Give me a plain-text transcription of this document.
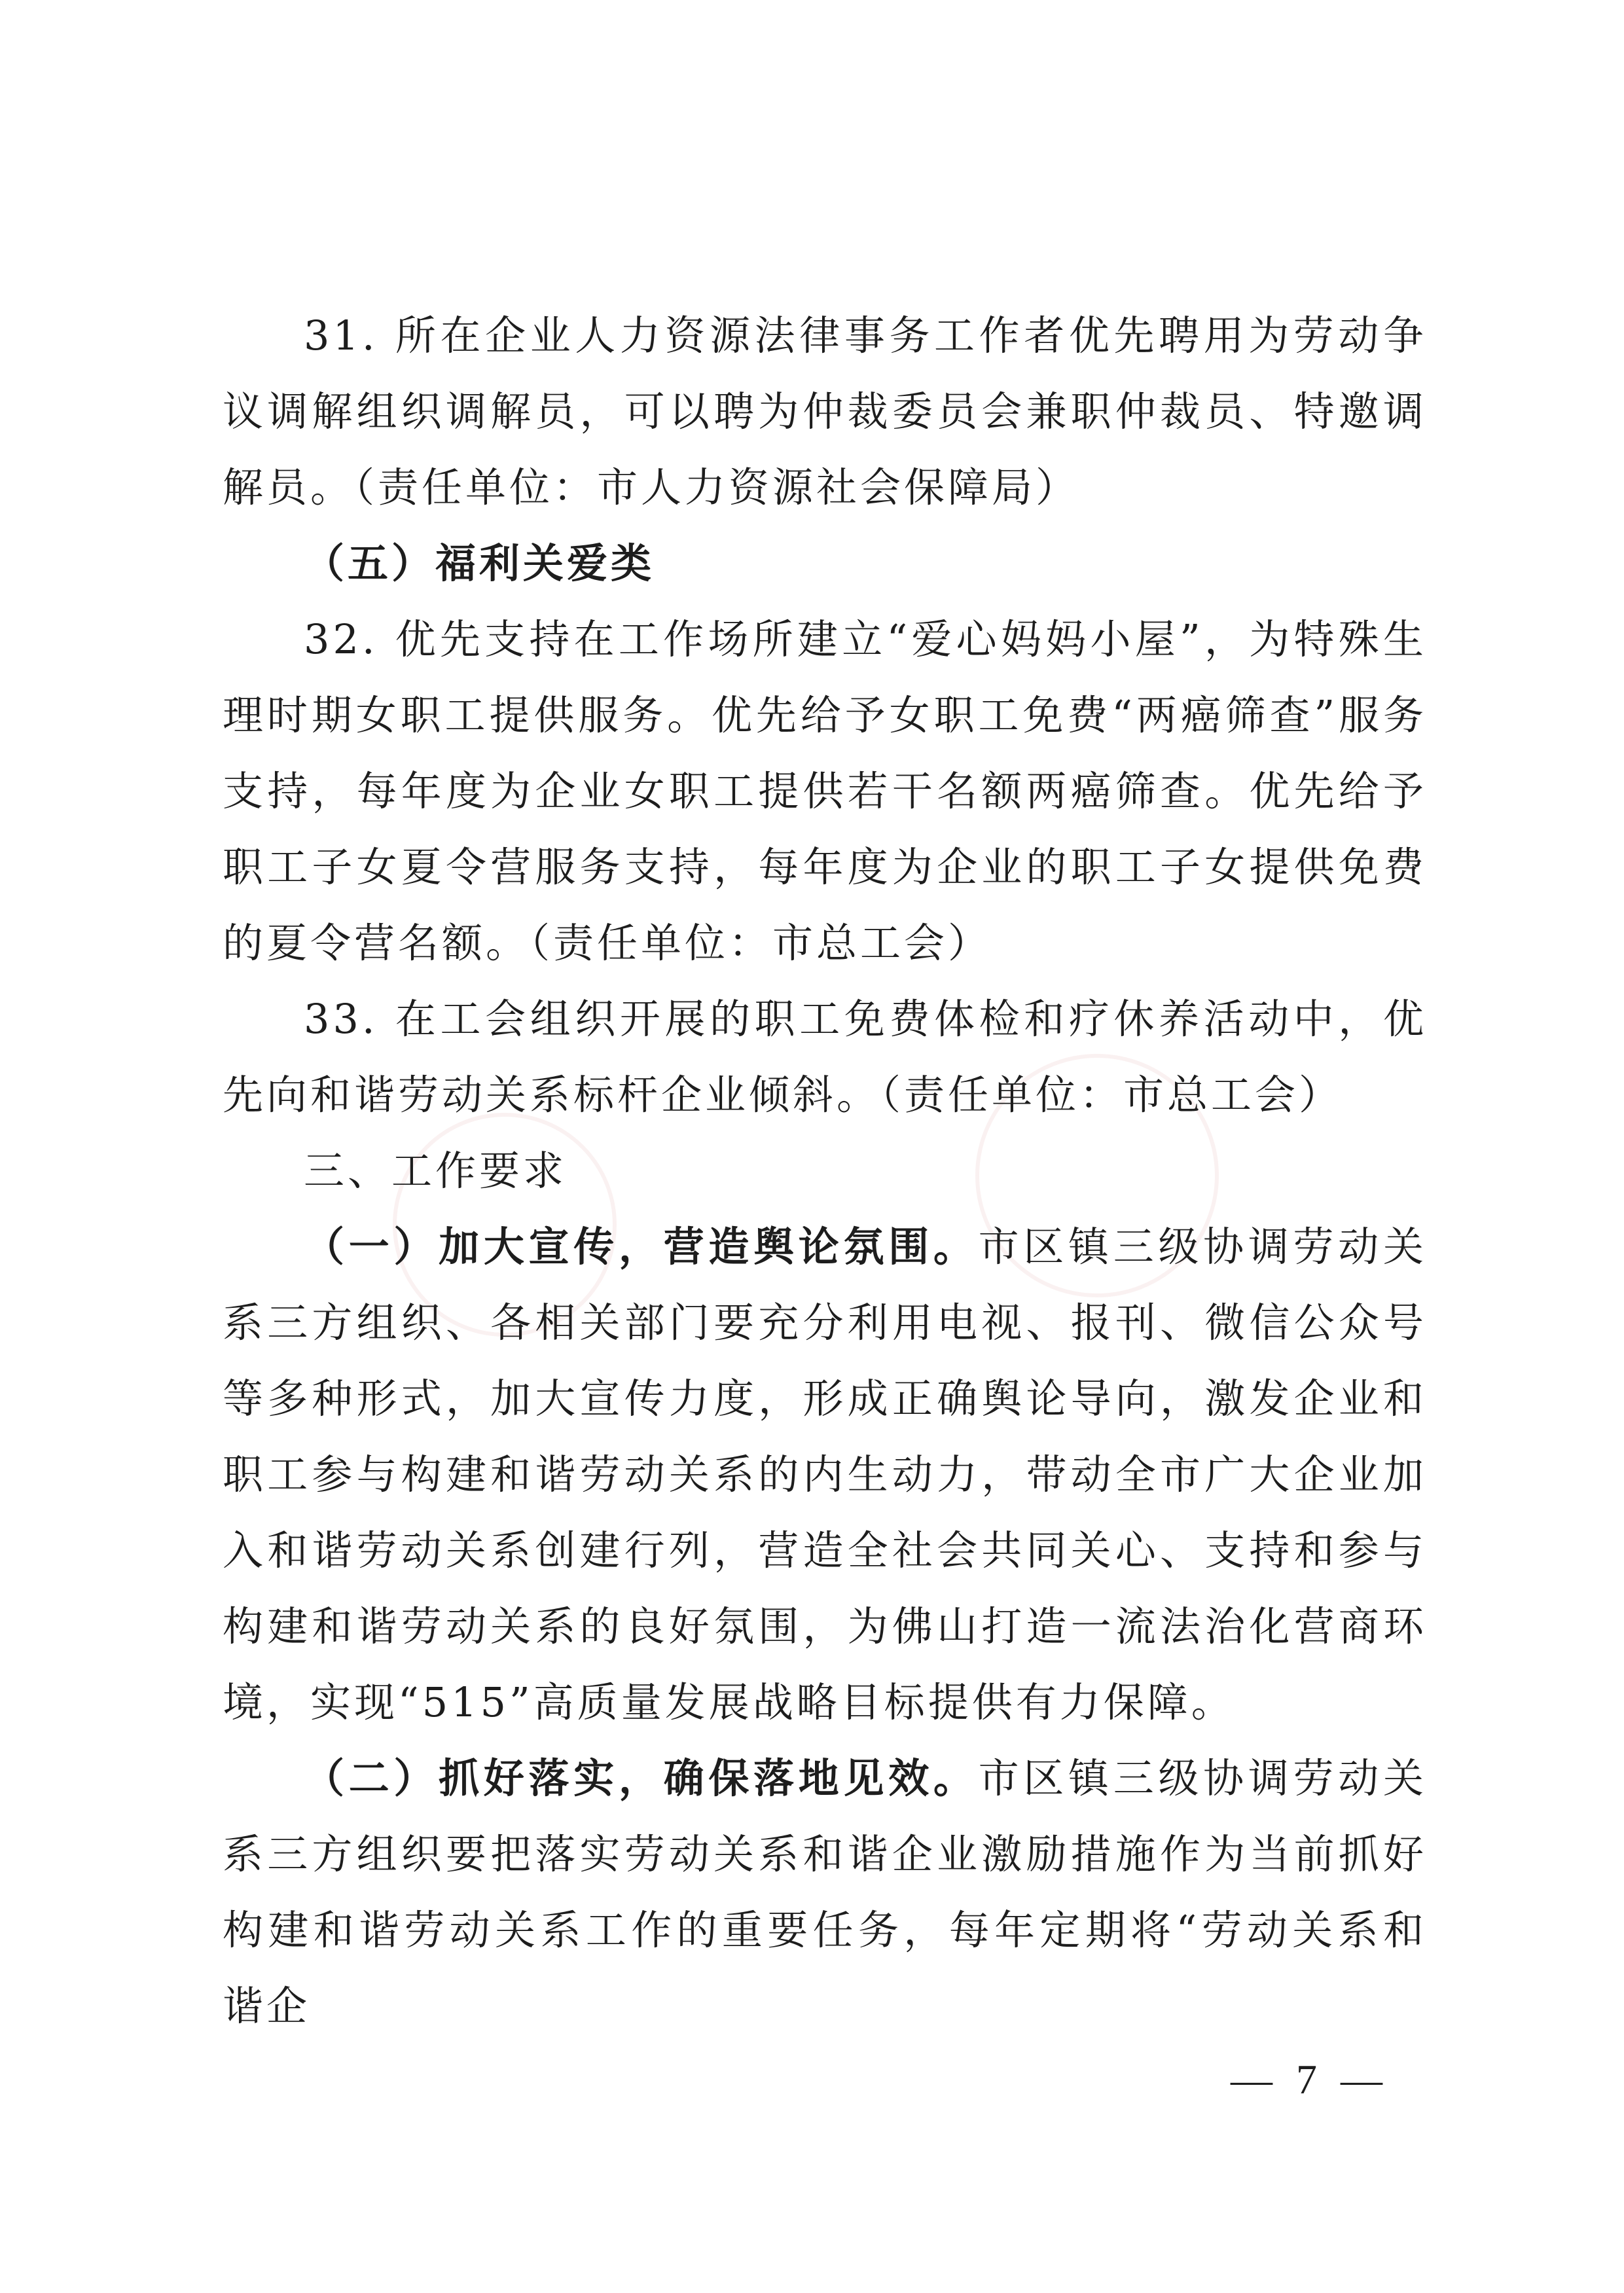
31. 所在企业人力资源法律事务工作者优先聘用为劳动争议调解组织调解员，可以聘为仲裁委员会兼职仲裁员、特邀调解员。（责任单位：市人力资源社会保障局）

（五）福利关爱类

32. 优先支持在工作场所建立“爱心妈妈小屋”，为特殊生理时期女职工提供服务。优先给予女职工免费“两癌筛查”服务支持，每年度为企业女职工提供若干名额两癌筛查。优先给予职工子女夏令营服务支持，每年度为企业的职工子女提供免费的夏令营名额。（责任单位：市总工会）

33. 在工会组织开展的职工免费体检和疗休养活动中，优先向和谐劳动关系标杆企业倾斜。（责任单位：市总工会）

三、工作要求

（一）加大宣传，营造舆论氛围。市区镇三级协调劳动关系三方组织、各相关部门要充分利用电视、报刊、微信公众号等多种形式，加大宣传力度，形成正确舆论导向，激发企业和职工参与构建和谐劳动关系的内生动力，带动全市广大企业加入和谐劳动关系创建行列，营造全社会共同关心、支持和参与构建和谐劳动关系的良好氛围，为佛山打造一流法治化营商环境，实现“515”高质量发展战略目标提供有力保障。

（二）抓好落实，确保落地见效。市区镇三级协调劳动关系三方组织要把落实劳动关系和谐企业激励措施作为当前抓好构建和谐劳动关系工作的重要任务，每年定期将“劳动关系和谐企

— 7 —
